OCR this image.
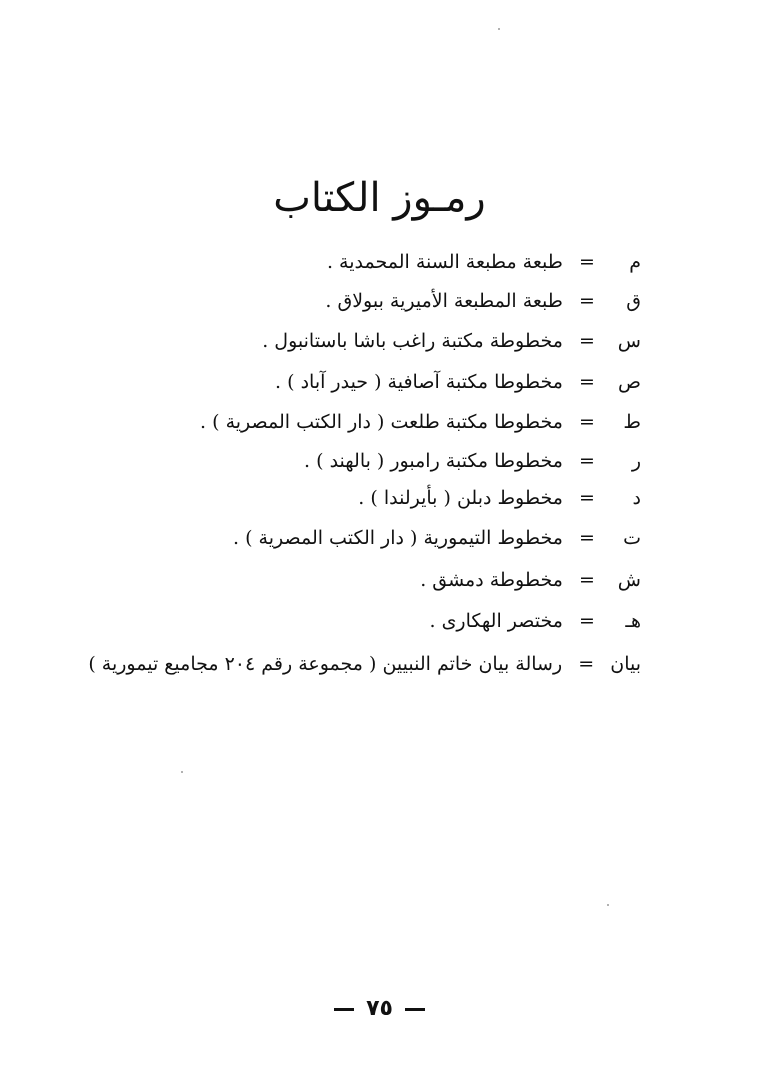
رمـوز الكتاب
م = طبعة مطبعة السنة المحمدية .
ق = طبعة المطبعة الأميرية ببولاق .
س = مخطوطة مكتبة راغب باشا باستانبول .
ص = مخطوطا مكتبة آصافية ( حيدر آباد ) .
ط = مخطوطا مكتبة طلعت ( دار الكتب المصرية ) .
ر = مخطوطا مكتبة رامبور ( بالهند ) .
د = مخطوط دبلن ( بأيرلندا ) .
ت = مخطوط التيمورية ( دار الكتب المصرية ) .
ش = مخطوطة دمشق .
هـ = مختصر الهكارى .
بيان = رسالة بيان خاتم النبيين ( مجموعة رقم ٢٠٤ مجاميع تيمورية )
٧٥
